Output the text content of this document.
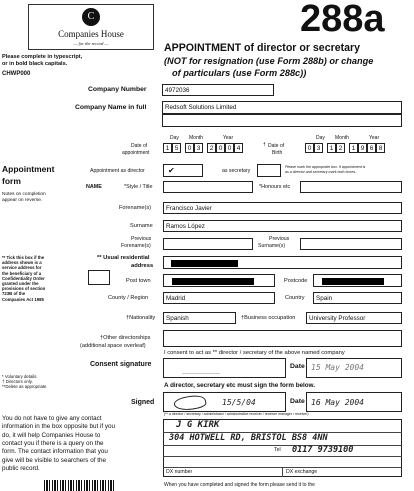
C
Companies House
— for the record —
288a
Please complete in typescript,
or in bold black capitals.
CHWP000
APPOINTMENT of director or secretary
(NOT for resignation (use Form 288b) or change
of particulars (use Form 288c))
Company Number	4972036
Company Name in full	Redsoft Solutions Limited
Day Month	Year
Date of
appointment
1 5	0 3	2 0 0 4
Day Month	Year
† Date of
Birth
0 3	1 2	1 9 6 8
Appointment
form
Notes on completion
appear on reverse.
Appointment as director	✔	as secretary
Please mark the appropriate box. If appointment is
as a director and secretary mark both boxes.
NAME	*Style / Title	*Honours etc
Forename(s) Francisco Javier
Surname Ramos López
Previous
Forename(s)
Previous
Surname(s)
** Tick this box if the
address shown is a
service address for
the beneficiary of a
Confidentiality Order
granted under the
provisions of section
723B of the
Companies Act 1985
** Usual residential
address
Post town	Postcode
County / Region	Madrid	Country Spain
†Nationality Spanish	†Business occupation University Professor
†Other directorships
(additional space overleaf)
I consent to act as ** director / secretary of the above named company
Consent signature	Date 15 May 2004
* Voluntary details.
† Directors only.
**Delete as appropriate	A director, secretary etc must sign the form below.
Signed	15/5/04	Date 16 May 2004
(** a director / secretary / administrator / administrative receiver / receiver manager / receiver)
You do not have to give any contact
information in the box opposite but if you
do, it will help Companies House to
contact you if there is a query on the
form. The contact information that you
give will be visible to searchers of the
public record.
J G KIRK
304 HOTWELL RD, BRISTOL BS8 4NN
Tel 0117 9739100
DX number	DX exchange
When you have completed and signed the form please send it to the
